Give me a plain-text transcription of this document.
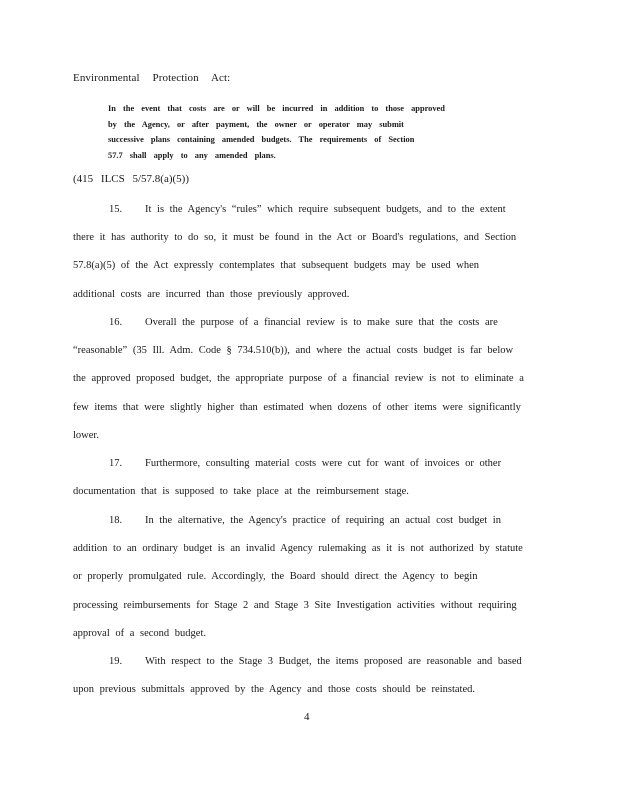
Environmental Protection Act:
In the event that costs are or will be incurred in addition to those approved
by the Agency, or after payment, the owner or operator may submit
successive plans containing amended budgets. The requirements of Section
57.7 shall apply to any amended plans.
(415 ILCS 5/57.8(a)(5))
15. It is the Agency's “rules” which require subsequent budgets, and to the extent
there it has authority to do so, it must be found in the Act or Board's regulations, and Section
57.8(a)(5) of the Act expressly contemplates that subsequent budgets may be used when
additional costs are incurred than those previously approved.
16. Overall the purpose of a financial review is to make sure that the costs are
“reasonable” (35 Ill. Adm. Code § 734.510(b)), and where the actual costs budget is far below
the approved proposed budget, the appropriate purpose of a financial review is not to eliminate a
few items that were slightly higher than estimated when dozens of other items were significantly
lower.
17. Furthermore, consulting material costs were cut for want of invoices or other
documentation that is supposed to take place at the reimbursement stage.
18. In the alternative, the Agency's practice of requiring an actual cost budget in
addition to an ordinary budget is an invalid Agency rulemaking as it is not authorized by statute
or properly promulgated rule. Accordingly, the Board should direct the Agency to begin
processing reimbursements for Stage 2 and Stage 3 Site Investigation activities without requiring
approval of a second budget.
19. With respect to the Stage 3 Budget, the items proposed are reasonable and based
upon previous submittals approved by the Agency and those costs should be reinstated.
4
